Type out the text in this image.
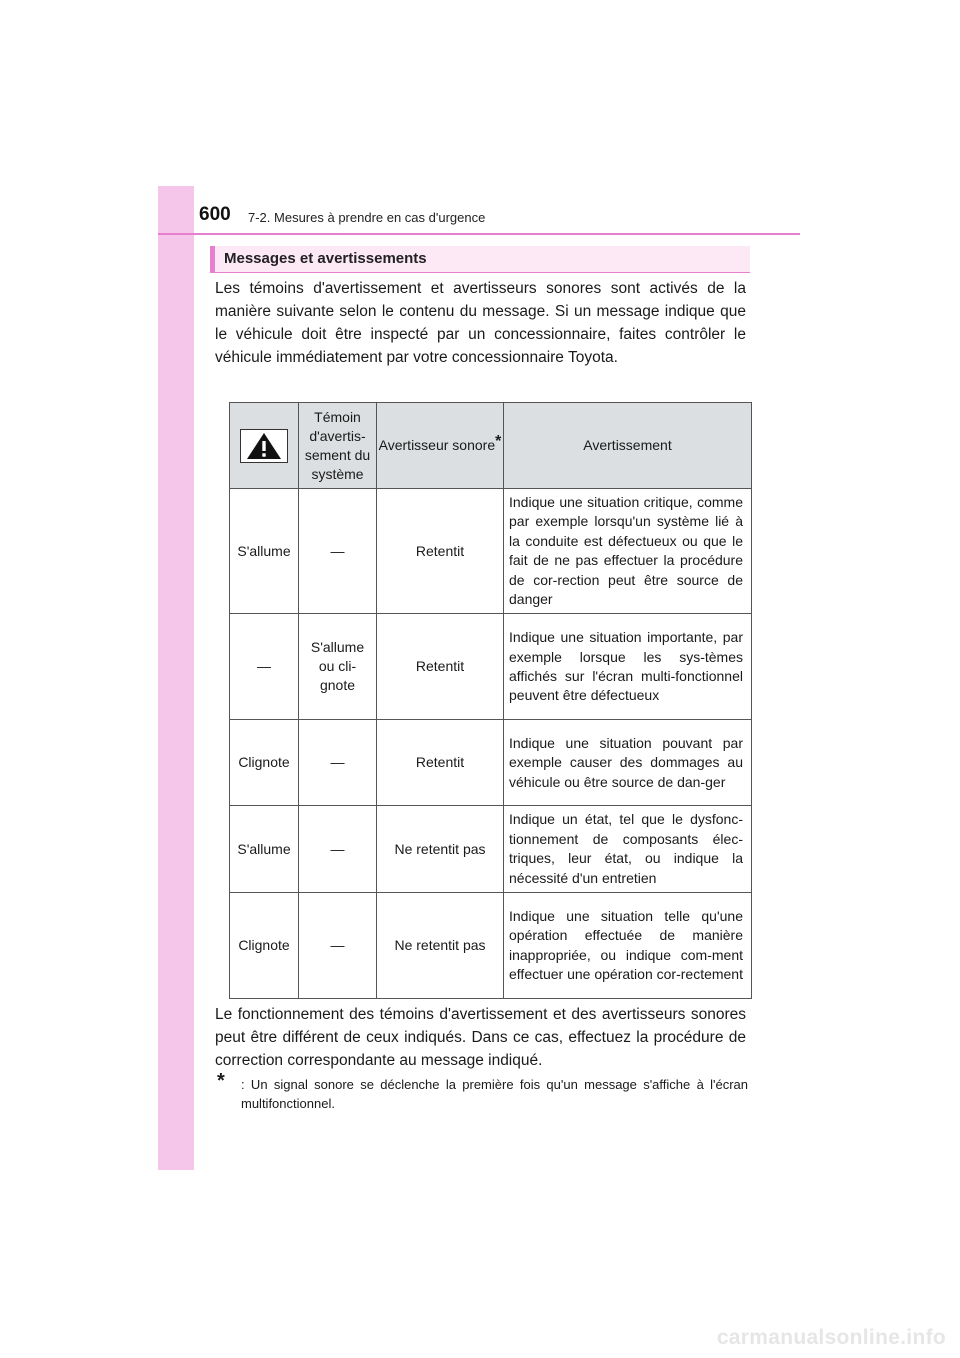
600 7-2. Mesures à prendre en cas d'urgence
Messages et avertissements
Les témoins d'avertissement et avertisseurs sonores sont activés de la manière suivante selon le contenu du message. Si un message indique que le véhicule doit être inspecté par un concessionnaire, faites contrôler le véhicule immédiatement par votre concessionnaire Toyota.
	Témoin d'avertis-sement du système	Avertisseur sonore*	Avertissement
S'allume	—	Retentit	Indique une situation critique, comme par exemple lorsqu'un système lié à la conduite est défectueux ou que le fait de ne pas effectuer la procédure de cor-rection peut être source de danger
—	S'allume ou cli-gnote	Retentit	Indique une situation importante, par exemple lorsque les sys-tèmes affichés sur l'écran multi-fonctionnel peuvent être défectueux
Clignote	—	Retentit	Indique une situation pouvant par exemple causer des dommages au véhicule ou être source de dan-ger
S'allume	—	Ne retentit pas	Indique un état, tel que le dysfonc-tionnement de composants élec-triques, leur état, ou indique la nécessité d'un entretien
Clignote	—	Ne retentit pas	Indique une situation telle qu'une opération effectuée de manière inappropriée, ou indique com-ment effectuer une opération cor-rectement
Le fonctionnement des témoins d'avertissement et des avertisseurs sonores peut être différent de ceux indiqués. Dans ce cas, effectuez la procédure de correction correspondante au message indiqué.
*	: Un signal sonore se déclenche la première fois qu'un message s'affiche à l'écran multifonctionnel.
carmanualsonline.info
